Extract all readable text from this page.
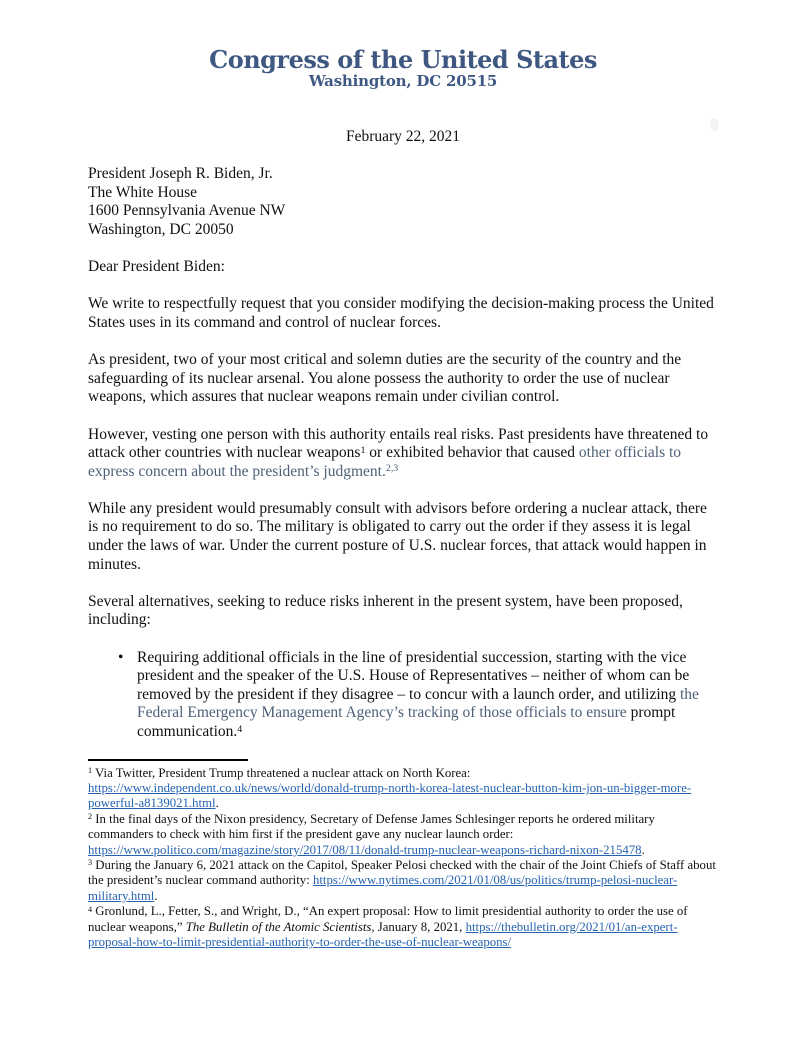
Congress of the United States
Washington, DC 20515
February 22, 2021
President Joseph R. Biden, Jr.
The White House
1600 Pennsylvania Avenue NW
Washington, DC 20050
Dear President Biden:
We write to respectfully request that you consider modifying the decision-making process the United States uses in its command and control of nuclear forces.
As president, two of your most critical and solemn duties are the security of the country and the safeguarding of its nuclear arsenal. You alone possess the authority to order the use of nuclear weapons, which assures that nuclear weapons remain under civilian control.
However, vesting one person with this authority entails real risks. Past presidents have threatened to attack other countries with nuclear weapons$^1$ or exhibited behavior that caused other officials to express concern about the president’s judgment.$^{2,3}$
While any president would presumably consult with advisors before ordering a nuclear attack, there is no requirement to do so. The military is obligated to carry out the order if they assess it is legal under the laws of war. Under the current posture of U.S. nuclear forces, that attack would happen in minutes.
Several alternatives, seeking to reduce risks inherent in the present system, have been proposed, including:
• Requiring additional officials in the line of presidential succession, starting with the vice president and the speaker of the U.S. House of Representatives – neither of whom can be removed by the president if they disagree – to concur with a launch order, and utilizing the Federal Emergency Management Agency’s tracking of those officials to ensure prompt communication.$^4$
$^1$ Via Twitter, President Trump threatened a nuclear attack on North Korea: https://www.independent.co.uk/news/world/donald-trump-north-korea-latest-nuclear-button-kim-jon-un-bigger-more-powerful-a8139021.html.
$^2$ In the final days of the Nixon presidency, Secretary of Defense James Schlesinger reports he ordered military commanders to check with him first if the president gave any nuclear launch order: https://www.politico.com/magazine/story/2017/08/11/donald-trump-nuclear-weapons-richard-nixon-215478.
$^3$ During the January 6, 2021 attack on the Capitol, Speaker Pelosi checked with the chair of the Joint Chiefs of Staff about the president’s nuclear command authority: https://www.nytimes.com/2021/01/08/us/politics/trump-pelosi-nuclear-military.html.
$^4$ Gronlund, L., Fetter, S., and Wright, D., “An expert proposal: How to limit presidential authority to order the use of nuclear weapons,” The Bulletin of the Atomic Scientists, January 8, 2021, https://thebulletin.org/2021/01/an-expert-proposal-how-to-limit-presidential-authority-to-order-the-use-of-nuclear-weapons/
